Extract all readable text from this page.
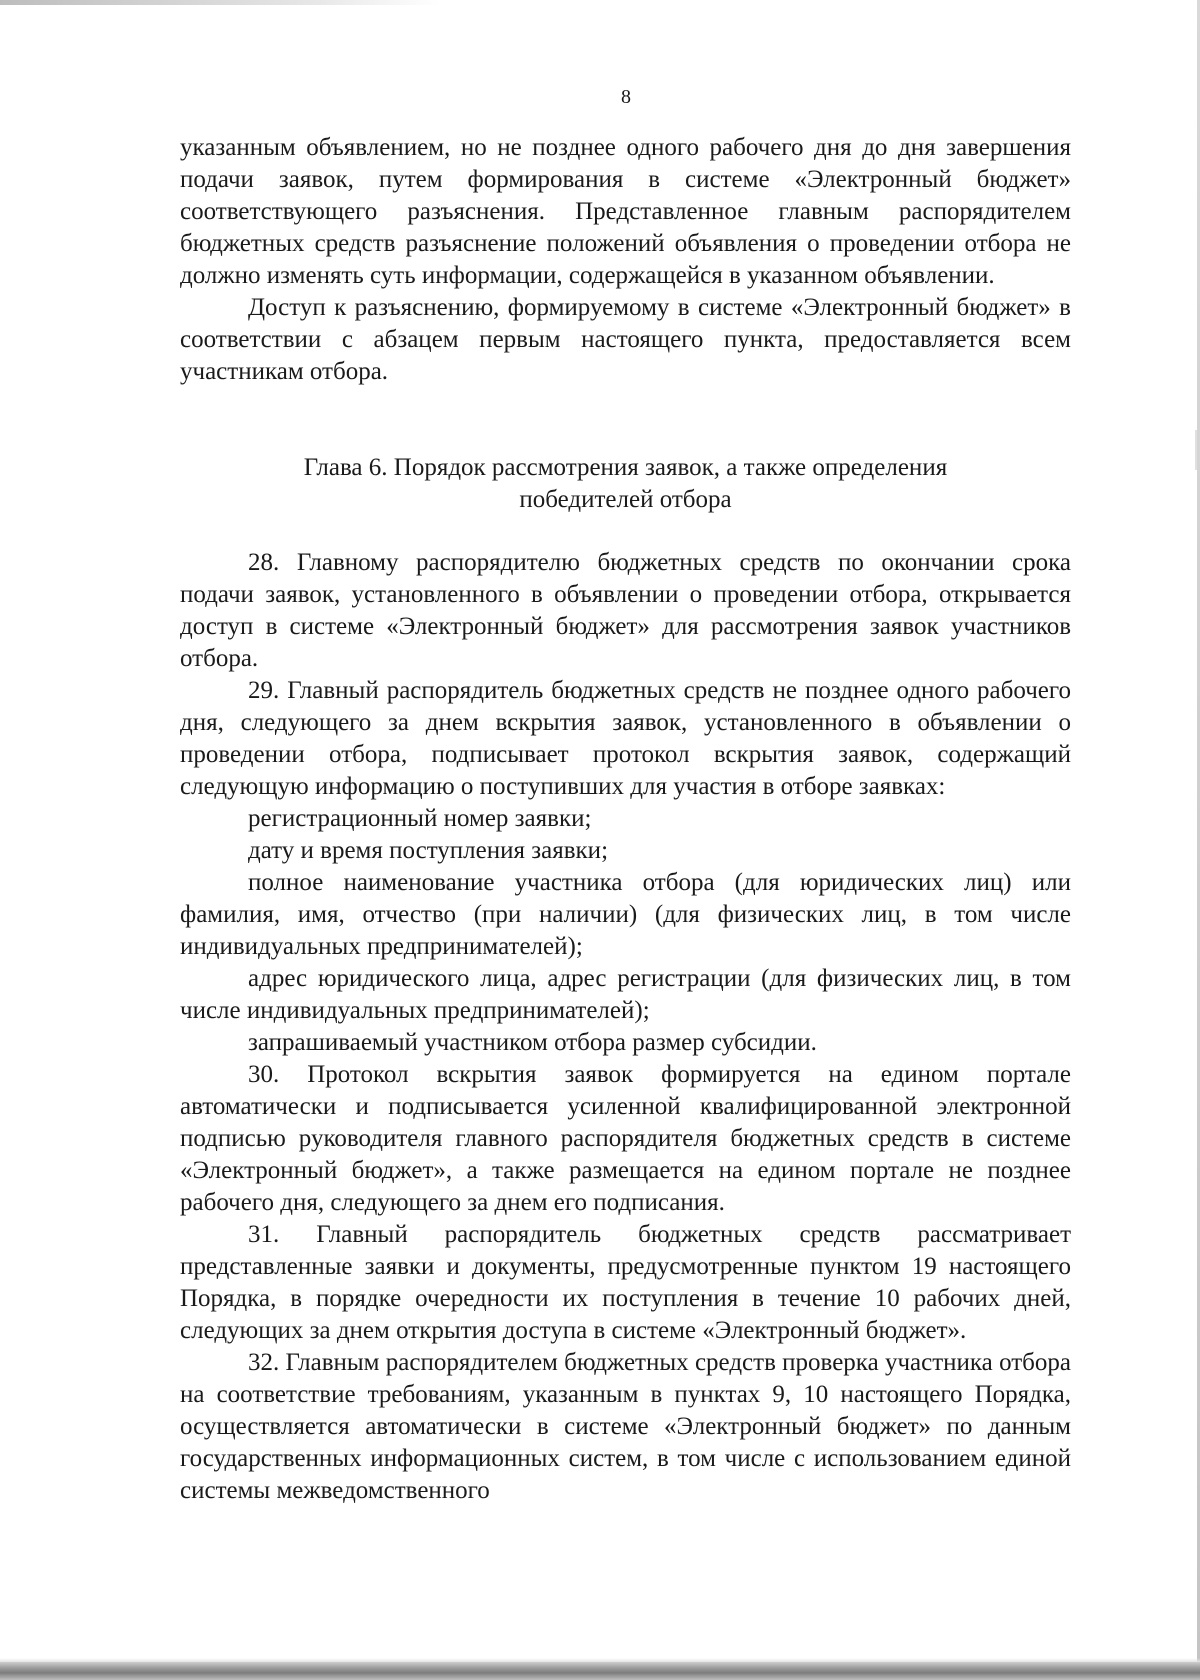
8

указанным объявлением, но не позднее одного рабочего дня до дня завершения подачи заявок, путем формирования в системе «Электронный бюджет» соответствующего разъяснения. Представленное главным распорядителем бюджетных средств разъяснение положений объявления о проведении отбора не должно изменять суть информации, содержащейся в указанном объявлении.

Доступ к разъяснению, формируемому в системе «Электронный бюджет» в соответствии с абзацем первым настоящего пункта, предоставляется всем участникам отбора.

Глава 6. Порядок рассмотрения заявок, а также определения
победителей отбора

28. Главному распорядителю бюджетных средств по окончании срока подачи заявок, установленного в объявлении о проведении отбора, открывается доступ в системе «Электронный бюджет» для рассмотрения заявок участников отбора.

29. Главный распорядитель бюджетных средств не позднее одного рабочего дня, следующего за днем вскрытия заявок, установленного в объявлении о проведении отбора, подписывает протокол вскрытия заявок, содержащий следующую информацию о поступивших для участия в отборе заявках:

регистрационный номер заявки;

дату и время поступления заявки;

полное наименование участника отбора (для юридических лиц) или фамилия, имя, отчество (при наличии) (для физических лиц, в том числе индивидуальных предпринимателей);

адрес юридического лица, адрес регистрации (для физических лиц, в том числе индивидуальных предпринимателей);

запрашиваемый участником отбора размер субсидии.

30. Протокол вскрытия заявок формируется на едином портале автоматически и подписывается усиленной квалифицированной электронной подписью руководителя главного распорядителя бюджетных средств в системе «Электронный бюджет», а также размещается на едином портале не позднее рабочего дня, следующего за днем его подписания.

31. Главный распорядитель бюджетных средств рассматривает представленные заявки и документы, предусмотренные пунктом 19 настоящего Порядка, в порядке очередности их поступления в течение 10 рабочих дней, следующих за днем открытия доступа в системе «Электронный бюджет».

32. Главным распорядителем бюджетных средств проверка участника отбора на соответствие требованиям, указанным в пунктах 9, 10 настоящего Порядка, осуществляется автоматически в системе «Электронный бюджет» по данным государственных информационных систем, в том числе с использованием единой системы межведомственного
